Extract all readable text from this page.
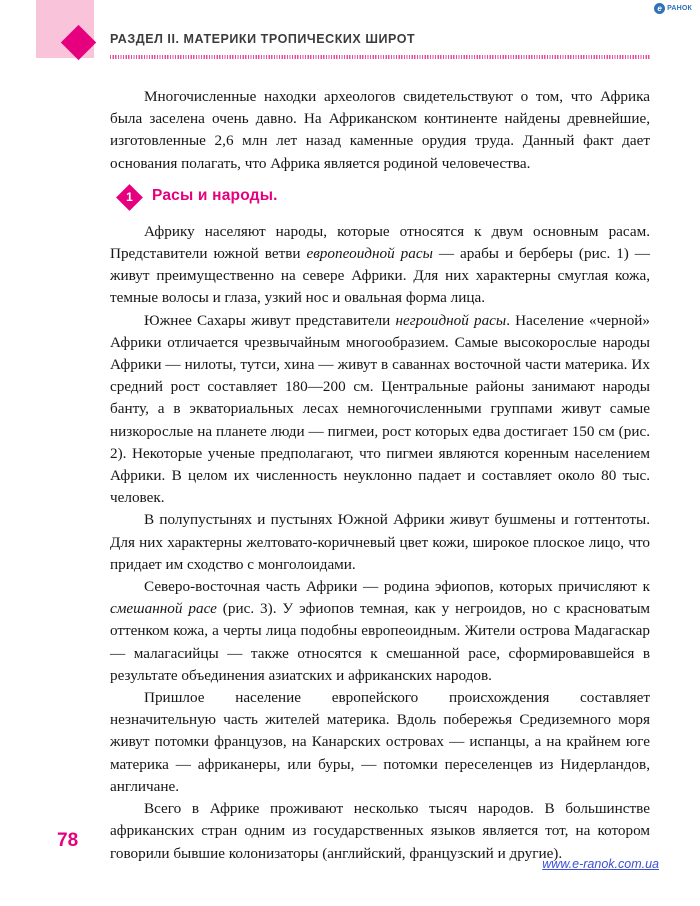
e РАНОК
РАЗДЕЛ II. МАТЕРИКИ ТРОПИЧЕСКИХ ШИРОТ

Многочисленные находки археологов свидетельствуют о том, что Африка была заселена очень давно. На Африканском континенте найдены древнейшие, изготовленные 2,6 млн лет назад каменные орудия труда. Данный факт дает основания полагать, что Африка является родиной человечества.

1	Расы и народы.

Африку населяют народы, которые относятся к двум основным расам. Представители южной ветви европеоидной расы — арабы и берберы (рис. 1) — живут преимущественно на севере Африки. Для них характерны смуглая кожа, темные волосы и глаза, узкий нос и овальная форма лица.

Южнее Сахары живут представители негроидной расы. Население «черной» Африки отличается чрезвычайным многообразием. Самые высокорослые народы Африки — нилоты, тутси, хина — живут в саваннах восточной части материка. Их средний рост составляет 180—200 см. Центральные районы занимают народы банту, а в экваториальных лесах немногочисленными группами живут самые низкорослые на планете люди — пигмеи, рост которых едва достигает 150 см (рис. 2). Некоторые ученые предполагают, что пигмеи являются коренным населением Африки. В целом их численность неуклонно падает и составляет около 80 тыс. человек.

В полупустынях и пустынях Южной Африки живут бушмены и готтентоты. Для них характерны желтовато-коричневый цвет кожи, широкое плоское лицо, что придает им сходство с монголоидами.

Северо-восточная часть Африки — родина эфиопов, которых причисляют к смешанной расе (рис. 3). У эфиопов темная, как у негроидов, но с красноватым оттенком кожа, а черты лица подобны европеоидным. Жители острова Мадагаскар — малагасийцы — также относятся к смешанной расе, сформировавшейся в результате объединения азиатских и африканских народов.

Пришлое население европейского происхождения составляет незначительную часть жителей материка. Вдоль побережья Средиземного моря живут потомки французов, на Канарских островах — испанцы, а на крайнем юге материка — африканеры, или буры, — потомки переселенцев из Нидерландов, англичане.

Всего в Африке проживают несколько тысяч народов. В большинстве африканских стран одним из государственных языков является тот, на котором говорили бывшие колонизаторы (английский, французский и другие).

78
www.e-ranok.com.ua
